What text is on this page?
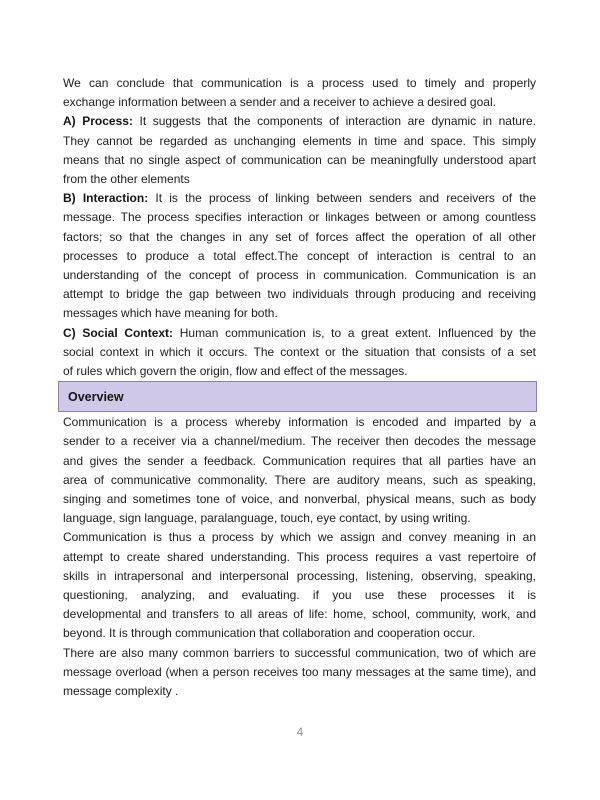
We can conclude that communication is a process used to timely and properly
exchange information between a sender and a receiver to achieve a desired goal.
A) Process: It suggests that the components of interaction are dynamic in nature.
They cannot be regarded as unchanging elements in time and space. This simply
means that no single aspect of communication can be meaningfully understood apart
from the other elements
B) Interaction: It is the process of linking between senders and receivers of the
message. The process specifies interaction or linkages between or among countless
factors; so that the changes in any set of forces affect the operation of all other
processes to produce a total effect.The concept of interaction is central to an
understanding of the concept of process in communication. Communication is an
attempt to bridge the gap between two individuals through producing and receiving
messages which have meaning for both.
C) Social Context: Human communication is, to a great extent. Influenced by the
social context in which it occurs. The context or the situation that consists of a set
of rules which govern the origin, flow and effect of the messages.
Overview
Communication is a process whereby information is encoded and imparted by a
sender to a receiver via a channel/medium. The receiver then decodes the message
and gives the sender a feedback. Communication requires that all parties have an
area of communicative commonality. There are auditory means, such as speaking,
singing and sometimes tone of voice, and nonverbal, physical means, such as body
language, sign language, paralanguage, touch, eye contact, by using writing.
Communication is thus a process by which we assign and convey meaning in an
attempt to create shared understanding. This process requires a vast repertoire of
skills in intrapersonal and interpersonal processing, listening, observing, speaking,
questioning, analyzing, and evaluating. if you use these processes it is
developmental and transfers to all areas of life: home, school, community, work, and
beyond. It is through communication that collaboration and cooperation occur.
There are also many common barriers to successful communication, two of which are
message overload (when a person receives too many messages at the same time), and
message complexity .
4
